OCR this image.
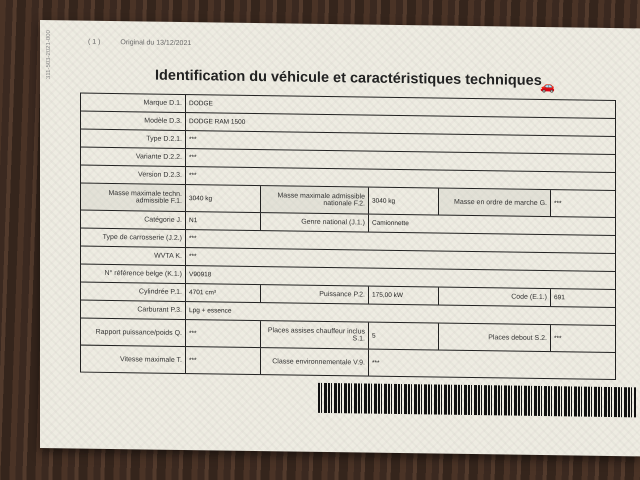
311-503-2021-000	( 1 )	Original du 13/12/2021
Identification du véhicule et caractéristiques techniques
🚗
Marque D.1.	DODGE
Modèle D.3.	DODGE RAM 1500
Type D.2.1.	***
Variante D.2.2.	***
Version D.2.3.	***
Masse maximale techn. admissible F.1.	3040 kg	Masse maximale admissible nationale F.2.	3040 kg	Masse en ordre de marche G.	***
Catégorie J.	N1	Genre national (J.1.)	Camionnette
Type de carrosserie (J.2.)	***
WVTA K.	***
N° référence belge (K.1.)	V90918
Cylindrée P.1.	4701 cm³	Puissance P.2.	175,00 kW	Code (E.1.)	691
Carburant P.3.	Lpg + essence
Rapport puissance/poids Q.	***	Places assises chauffeur inclus S.1.	5	Places debout S.2.	***
Vitesse maximale T.	***	Classe environnementale V.9.	***
